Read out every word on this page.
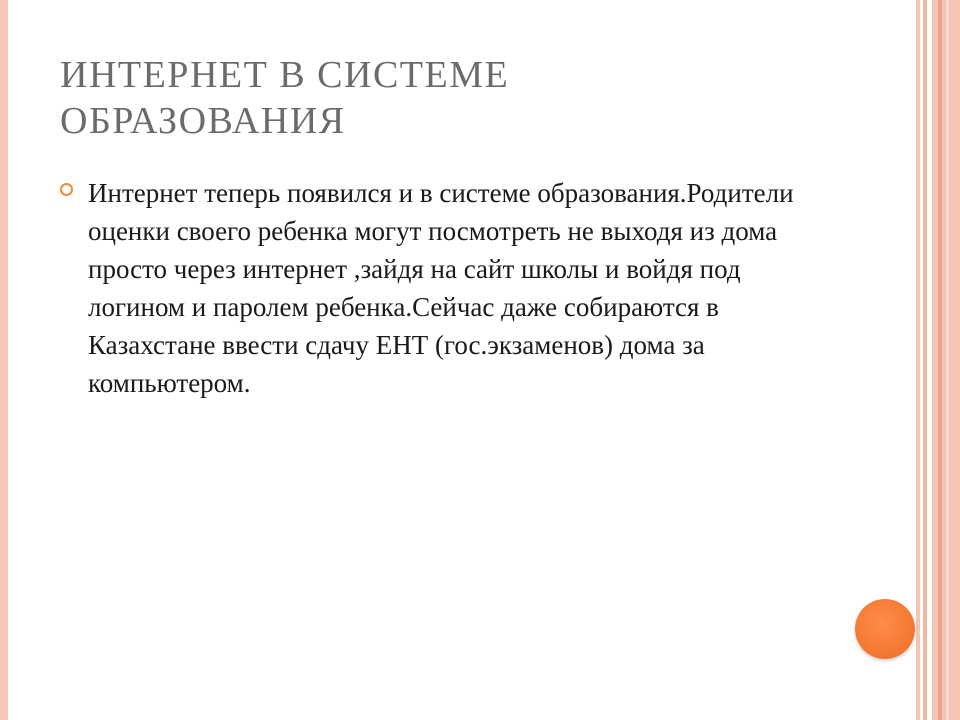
ИНТЕРНЕТ В СИСТЕМЕ
ОБРАЗОВАНИЯ
Интернет теперь появился и в системе образования.Родители оценки своего ребенка могут посмотреть не выходя из дома просто через интернет ,зайдя на сайт школы и войдя под логином и паролем ребенка.Сейчас даже собираются в Казахстане ввести сдачу ЕНТ (гос.экзаменов) дома за компьютером.
